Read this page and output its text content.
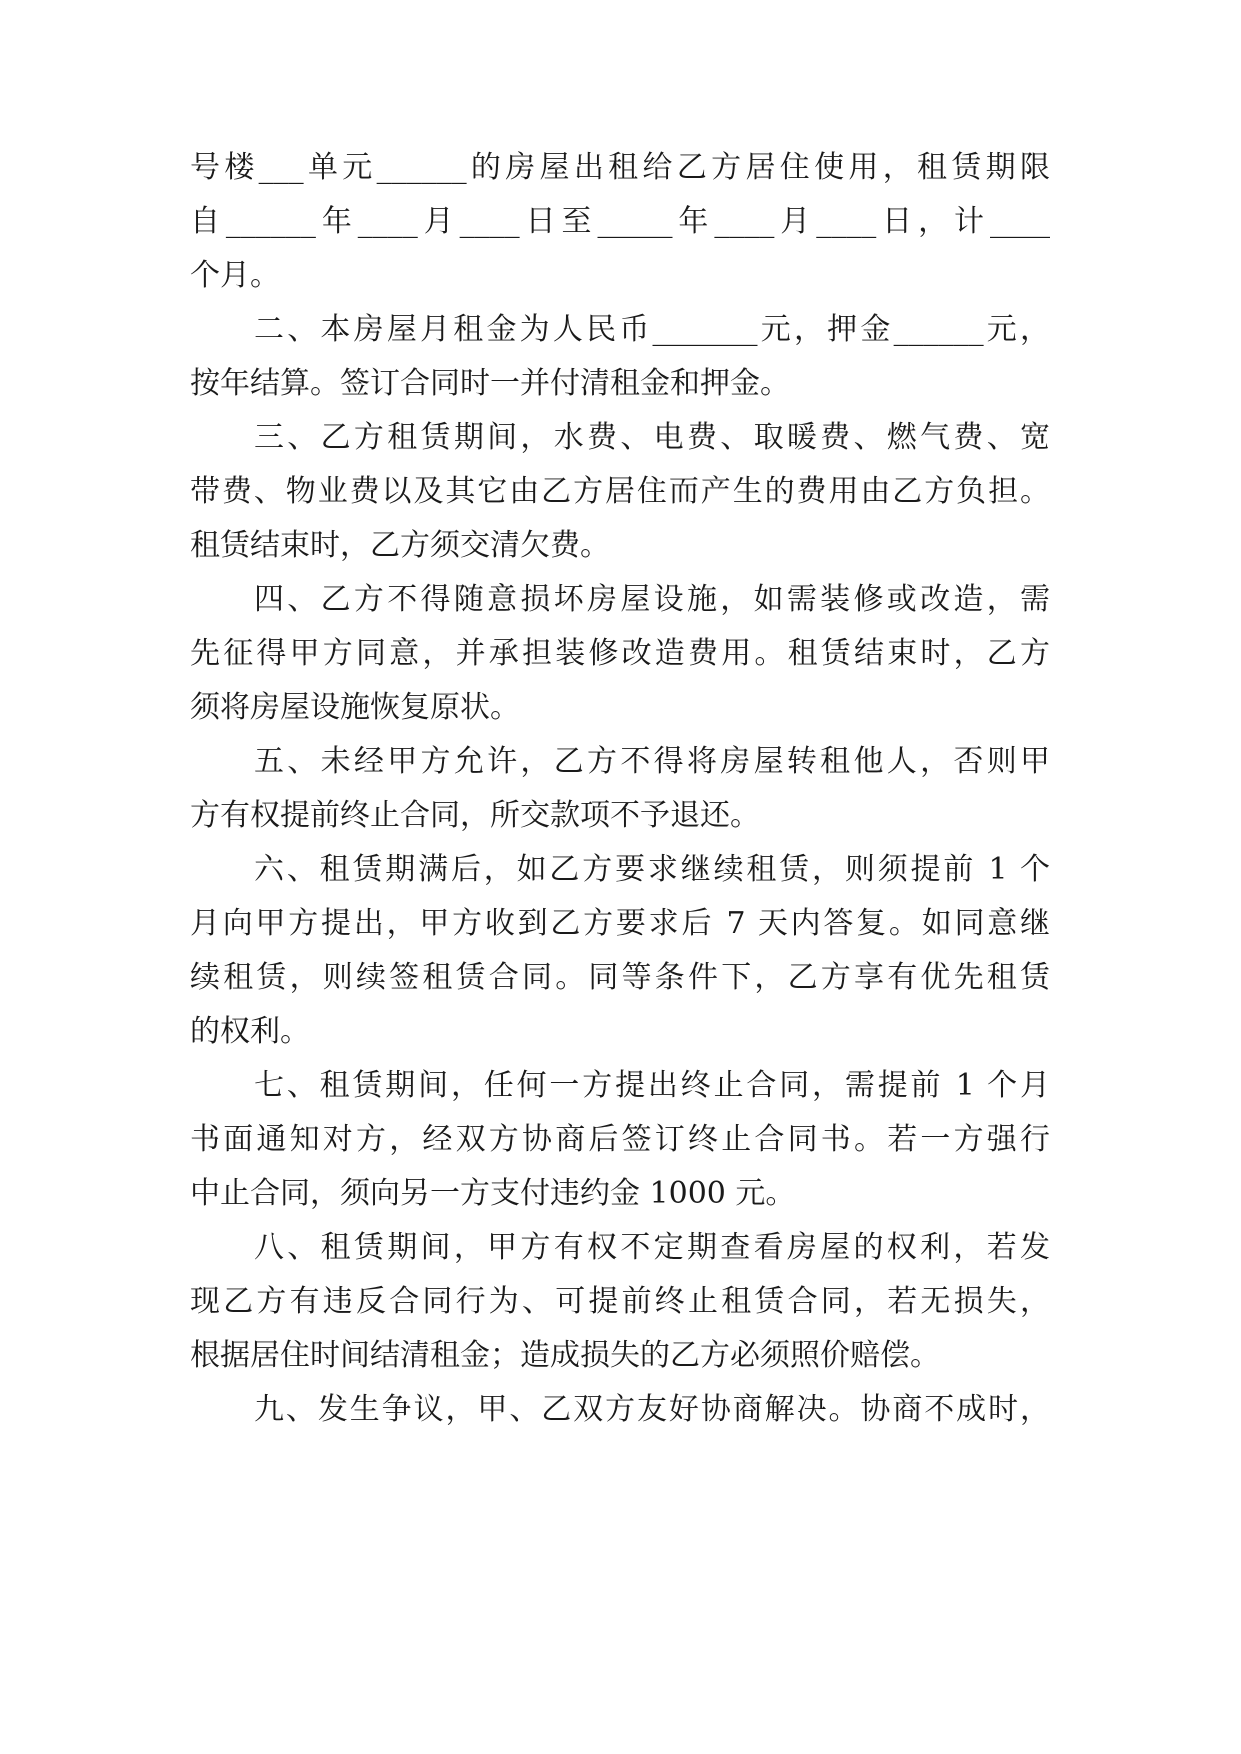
号楼___单元______的房屋出租给乙方居住使用，租赁期限
自______年____月____日至_____年____月____日，计____
个月。
二、本房屋月租金为人民币_______元，押金______元，
按年结算。签订合同时一并付清租金和押金。
三、乙方租赁期间，水费、电费、取暖费、燃气费、宽
带费、物业费以及其它由乙方居住而产生的费用由乙方负担。
租赁结束时，乙方须交清欠费。
四、乙方不得随意损坏房屋设施，如需装修或改造，需
先征得甲方同意，并承担装修改造费用。租赁结束时，乙方
须将房屋设施恢复原状。
五、未经甲方允许，乙方不得将房屋转租他人，否则甲
方有权提前终止合同，所交款项不予退还。
六、租赁期满后，如乙方要求继续租赁，则须提前 1 个
月向甲方提出，甲方收到乙方要求后 7 天内答复。如同意继
续租赁，则续签租赁合同。同等条件下，乙方享有优先租赁
的权利。
七、租赁期间，任何一方提出终止合同，需提前 1 个月
书面通知对方，经双方协商后签订终止合同书。若一方强行
中止合同，须向另一方支付违约金 1000 元。
八、租赁期间，甲方有权不定期查看房屋的权利，若发
现乙方有违反合同行为、可提前终止租赁合同，若无损失，
根据居住时间结清租金；造成损失的乙方必须照价赔偿。
九、发生争议，甲、乙双方友好协商解决。协商不成时，
